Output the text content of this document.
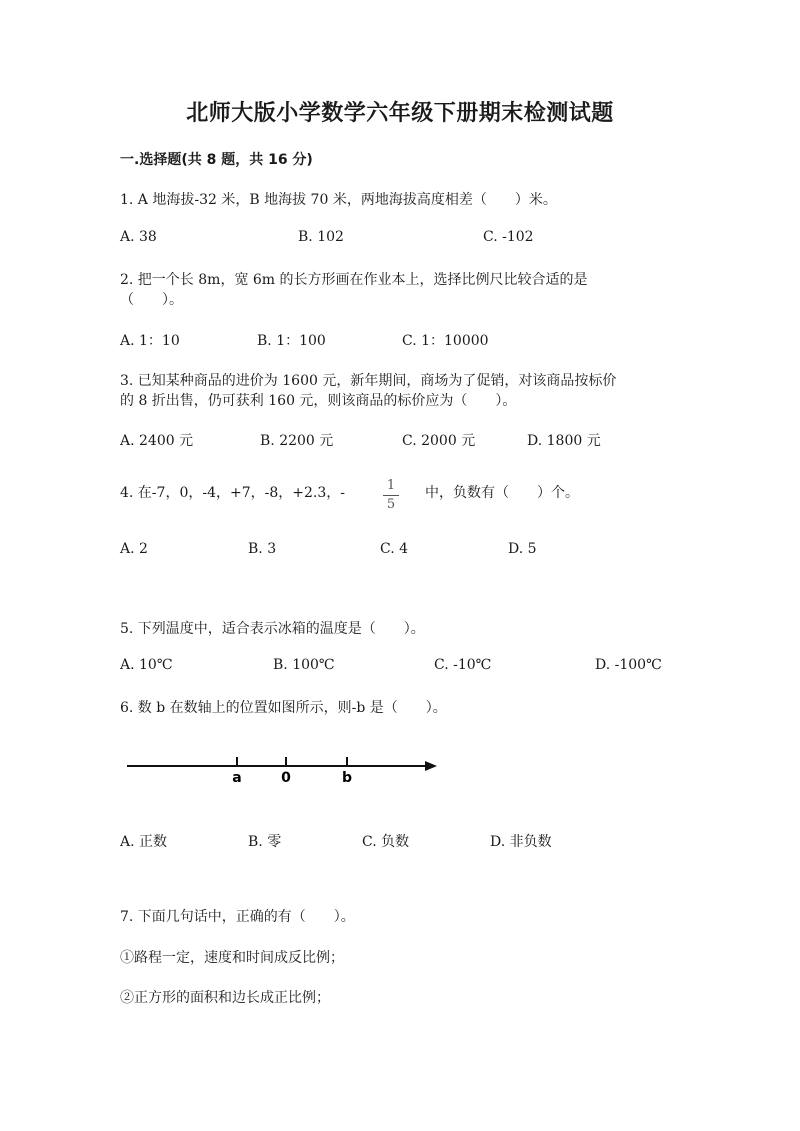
北师大版小学数学六年级下册期末检测试题
一.选择题(共 8 题，共 16 分)
1. A 地海拔-32 米，B 地海拔 70 米，两地海拔高度相差（　　）米。
A. 38	B. 102	C. -102
2. 把一个长 8m，宽 6m 的长方形画在作业本上，选择比例尺比较合适的是
（　　）。
A. 1：10	B. 1：100	C. 1：10000
3. 已知某种商品的进价为 1600 元，新年期间，商场为了促销，对该商品按标价
的 8 折出售，仍可获利 160 元，则该商品的标价应为（　　）。
A. 2400 元	B. 2200 元	C. 2000 元	D. 1800 元
4. 在-7，0，-4，+7，-8，+2.3，-	1
5
中，负数有（　　）个。
A. 2	B. 3	C. 4	D. 5
5. 下列温度中，适合表示冰箱的温度是（　　）。
A. 10℃	B. 100℃	C. -10℃	D. -100℃
6. 数 b 在数轴上的位置如图所示，则-b 是（　　）。
a	0	b
A. 正数	B. 零	C. 负数	D. 非负数
7. 下面几句话中，正确的有（　　）。
①路程一定，速度和时间成反比例；
②正方形的面积和边长成正比例；
